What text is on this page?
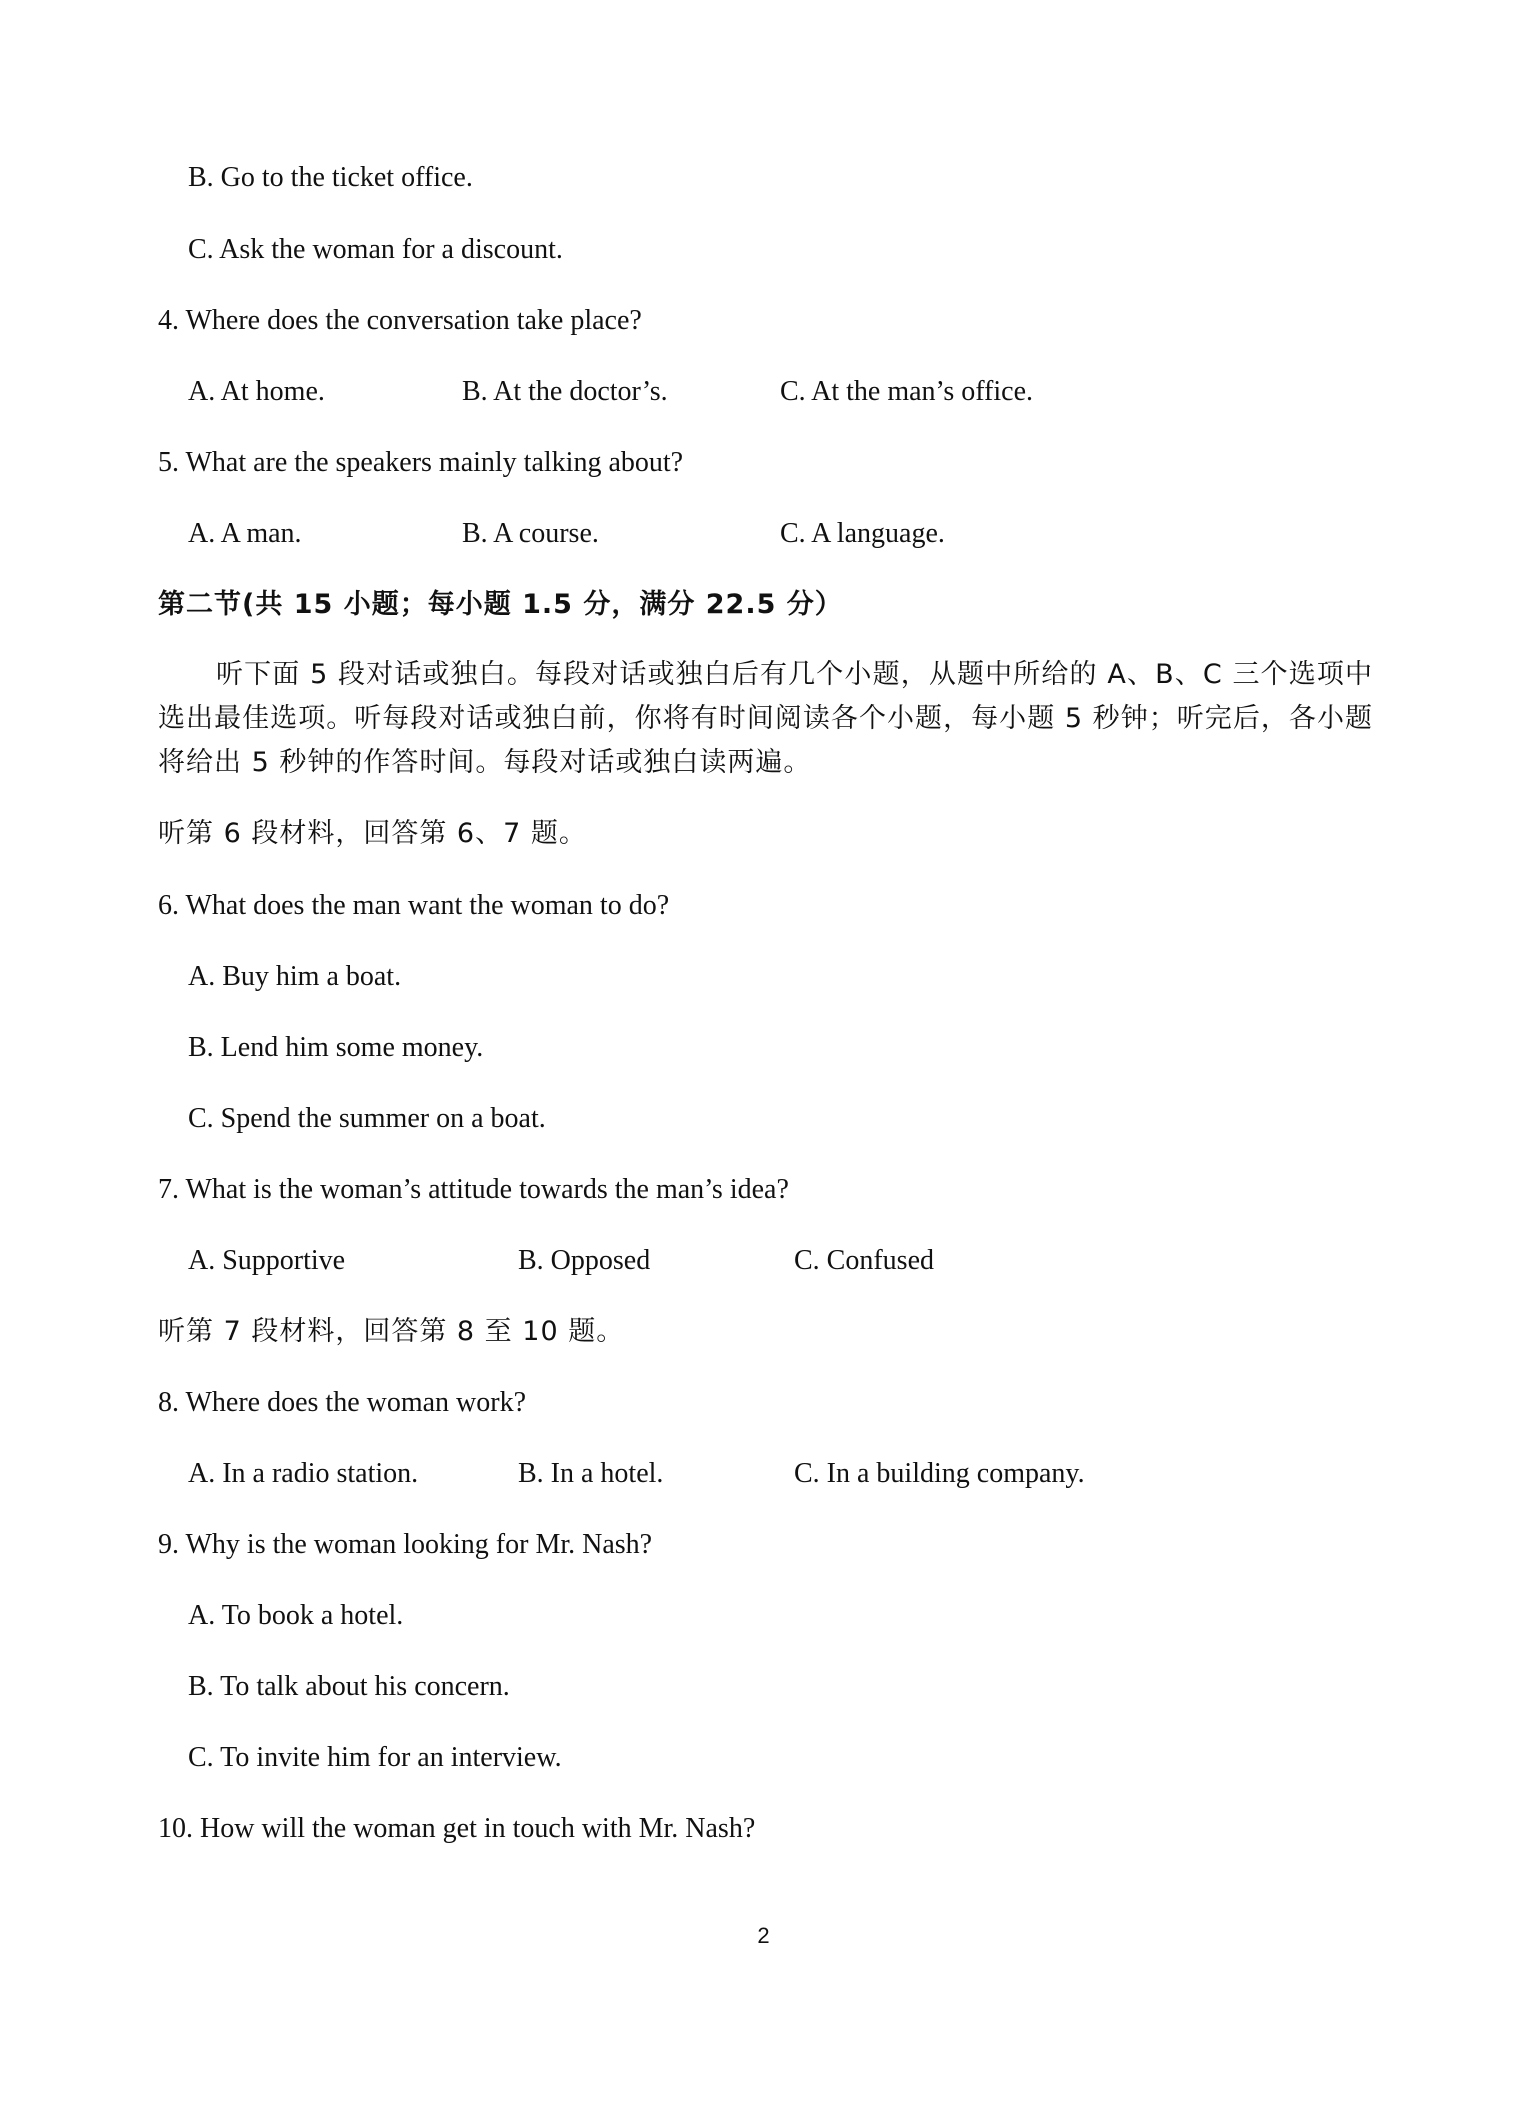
B. Go to the ticket office.
C. Ask the woman for a discount.
4. Where does the conversation take place?
A. At home.	B. At the doctor’s.	C. At the man’s office.
5. What are the speakers mainly talking about?
A. A man.	B. A course.	C. A language.
第二节(共 15 小题；每小题 1.5 分，满分 22.5 分）
听下面 5 段对话或独白。每段对话或独白后有几个小题，从题中所给的 A、B、C 三个选项中选出最佳选项。听每段对话或独白前，你将有时间阅读各个小题，每小题 5 秒钟；听完后，各小题将给出 5 秒钟的作答时间。每段对话或独白读两遍。
听第 6 段材料，回答第 6、7 题。
6. What does the man want the woman to do?
A. Buy him a boat.
B. Lend him some money.
C. Spend the summer on a boat.
7. What is the woman’s attitude towards the man’s idea?
A. Supportive	B. Opposed	C. Confused
听第 7 段材料，回答第 8 至 10 题。
8. Where does the woman work?
A. In a radio station.	B. In a hotel.	C. In a building company.
9. Why is the woman looking for Mr. Nash?
A. To book a hotel.
B. To talk about his concern.
C. To invite him for an interview.
10. How will the woman get in touch with Mr. Nash?
2
